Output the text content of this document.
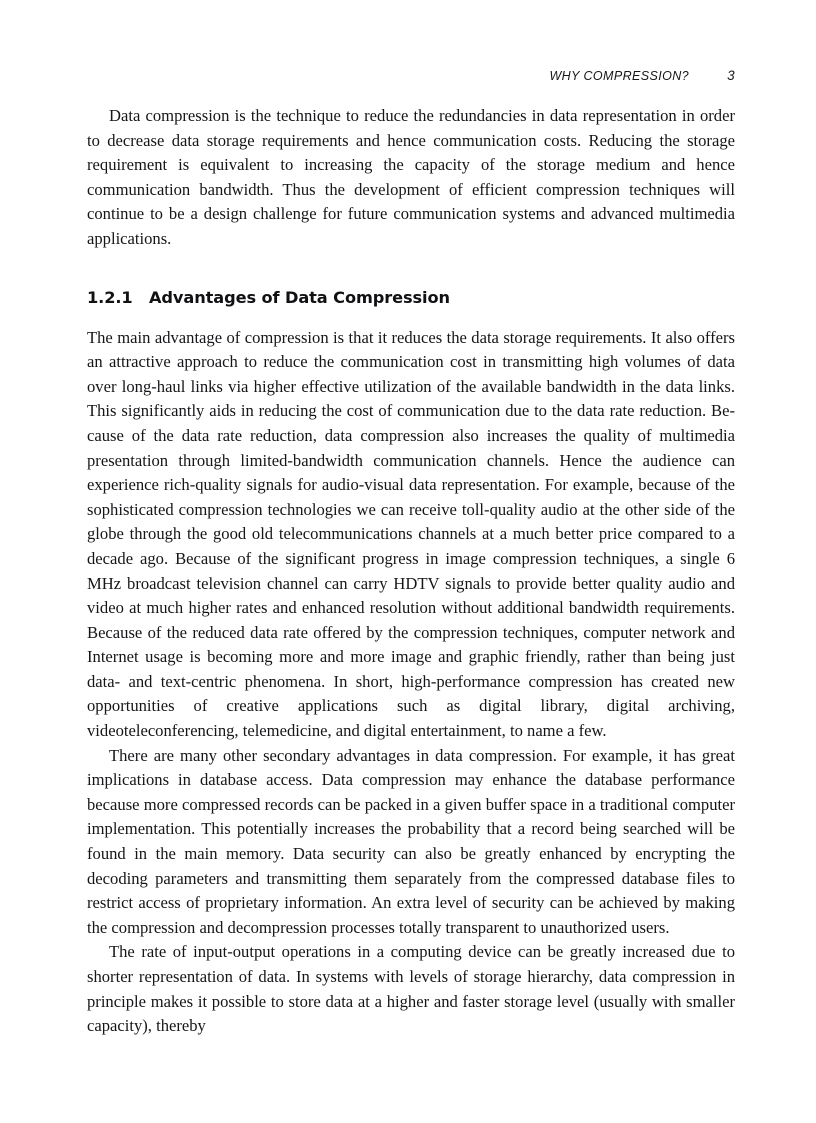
WHY COMPRESSION?	3

Data compression is the technique to reduce the redundancies in data representation in order to decrease data storage requirements and hence communication costs. Reducing the storage requirement is equivalent to increasing the capacity of the storage medium and hence communication bandwidth. Thus the development of efficient compression techniques will continue to be a design challenge for future communication systems and advanced multimedia applications.

1.2.1	Advantages of Data Compression

The main advantage of compression is that it reduces the data storage requirements. It also offers an attractive approach to reduce the communication cost in transmitting high volumes of data over long-haul links via higher effective utilization of the available bandwidth in the data links. This significantly aids in reducing the cost of communication due to the data rate reduction. Because of the data rate reduction, data compression also increases the quality of multimedia presentation through limited-bandwidth communication channels. Hence the audience can experience rich-quality signals for audio-visual data representation. For example, because of the sophisticated compression technologies we can receive toll-quality audio at the other side of the globe through the good old telecommunications channels at a much better price compared to a decade ago. Because of the significant progress in image compression techniques, a single 6 MHz broadcast television channel can carry HDTV signals to provide better quality audio and video at much higher rates and enhanced resolution without additional bandwidth requirements. Because of the reduced data rate offered by the compression techniques, computer network and Internet usage is becoming more and more image and graphic friendly, rather than being just data- and text-centric phenomena. In short, high-performance compression has created new opportunities of creative applications such as digital library, digital archiving, videoteleconferencing, telemedicine, and digital entertainment, to name a few.

There are many other secondary advantages in data compression. For example, it has great implications in database access. Data compression may enhance the database performance because more compressed records can be packed in a given buffer space in a traditional computer implementation. This potentially increases the probability that a record being searched will be found in the main memory. Data security can also be greatly enhanced by encrypting the decoding parameters and transmitting them separately from the compressed database files to restrict access of proprietary information. An extra level of security can be achieved by making the compression and decompression processes totally transparent to unauthorized users.

The rate of input-output operations in a computing device can be greatly increased due to shorter representation of data. In systems with levels of storage hierarchy, data compression in principle makes it possible to store data at a higher and faster storage level (usually with smaller capacity), thereby
